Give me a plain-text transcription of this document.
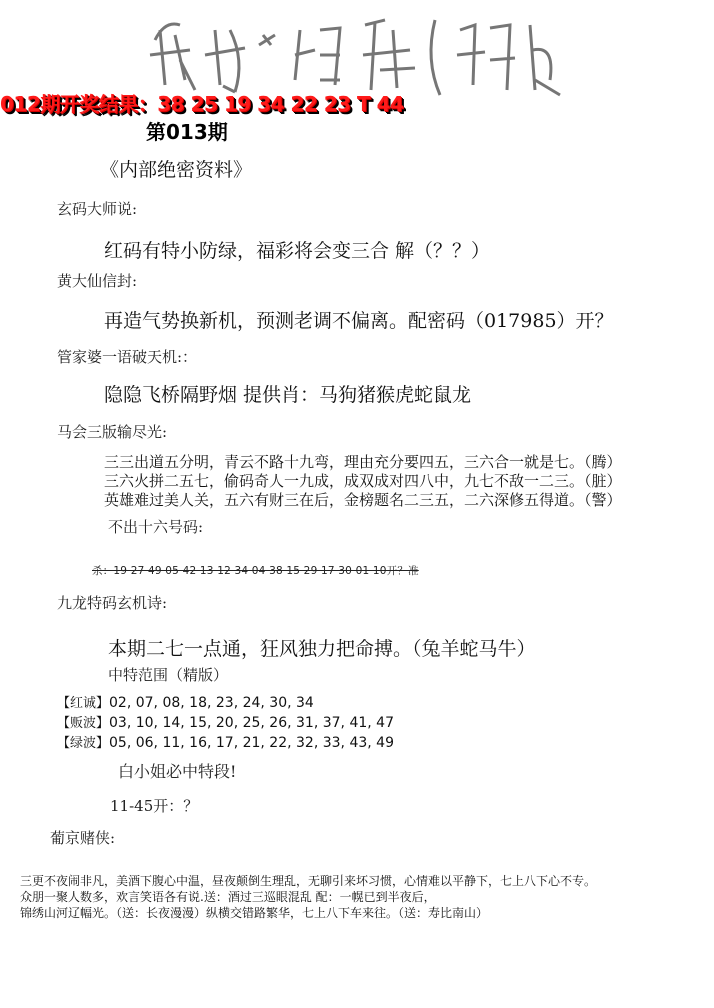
012期开奖结果：38 25 19 34 22 23 T 44
第013期
《内部绝密资料》
玄码大师说:
红码有特小防绿，福彩将会变三合 解（？？）
黄大仙信封:
再造气势换新机，预测老调不偏离。配密码（017985）开？
管家婆一语破天机:：
隐隐飞桥隔野烟 提供肖：马狗猪猴虎蛇鼠龙
马会三版输尽光:
三三出道五分明，青云不路十九弯，理由充分要四五，三六合一就是七。（腾）
三六火拼二五七，偷码奇人一九成，成双成对四八中，九七不敌一二三。（脏）
英雄难过美人关，五六有财三在后，金榜题名二三五，二六深修五得道。（警）
不出十六号码:
杀：19 27 49 05 42 13 12 34 04 38 15 29 17 30 01 10开？准
九龙特码玄机诗:
本期二七一点通，狂风独力把命搏。（兔羊蛇马牛）
中特范围（精版）
【红诚】02, 07, 08, 18, 23, 24, 30, 34
【贩波】03, 10, 14, 15, 20, 25, 26, 31, 37, 41, 47
【绿波】05, 06, 11, 16, 17, 21, 22, 32, 33, 43, 49
白小姐必中特段!
11-45开：？
葡京赌侠:
三更不夜闹非凡，美酒下腹心中温，昼夜颠倒生理乱，无聊引来坏习惯，心情难以平静下，七上八下心不专。
众朋一聚人数多，欢言笑语各有说.送：酒过三巡眼混乱 配：一幌已到半夜后，
锦绣山河辽幅光。（送：长夜漫漫）纵横交错路繁华，七上八下车来往。（送：寿比南山）
